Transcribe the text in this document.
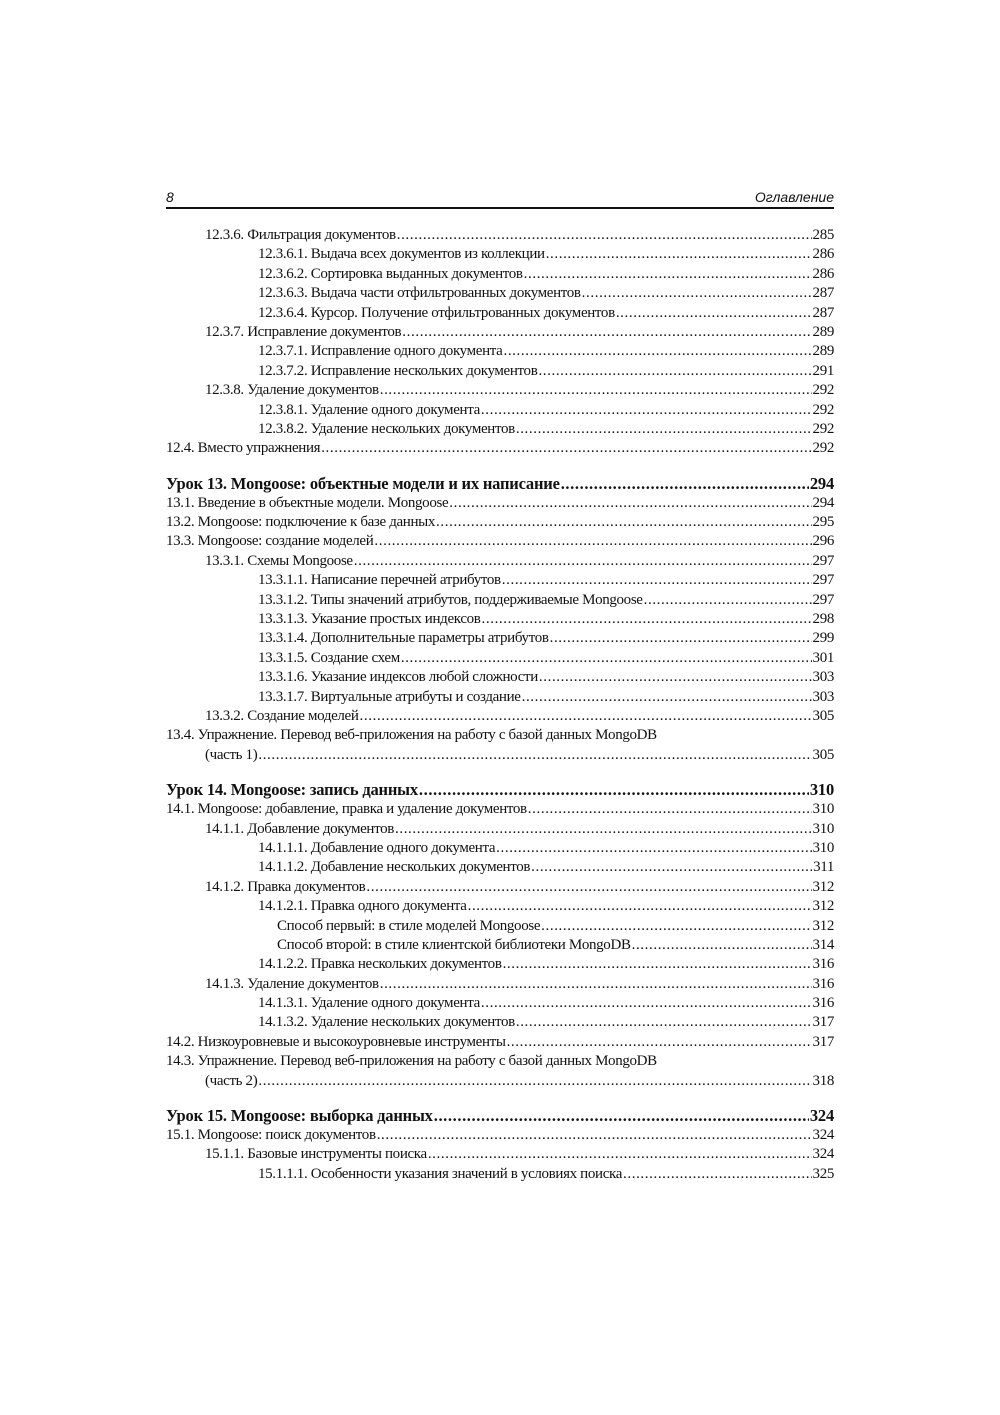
8	Оглавление
12.3.6. Фильтрация документов .....	285
12.3.6.1. Выдача всех документов из коллекции .....	286
12.3.6.2. Сортировка выданных документов .....	286
12.3.6.3. Выдача части отфильтрованных документов .....	287
12.3.6.4. Курсор. Получение отфильтрованных документов .....	287
12.3.7. Исправление документов .....	289
12.3.7.1. Исправление одного документа .....	289
12.3.7.2. Исправление нескольких документов .....	291
12.3.8. Удаление документов .....	292
12.3.8.1. Удаление одного документа .....	292
12.3.8.2. Удаление нескольких документов .....	292
12.4. Вместо упражнения .....	292
Урок 13. Mongoose: объектные модели и их написание .....	294
13.1. Введение в объектные модели. Mongoose .....	294
13.2. Mongoose: подключение к базе данных .....	295
13.3. Mongoose: создание моделей .....	296
13.3.1. Схемы Mongoose .....	297
13.3.1.1. Написание перечней атрибутов .....	297
13.3.1.2. Типы значений атрибутов, поддерживаемые Mongoose .....	297
13.3.1.3. Указание простых индексов .....	298
13.3.1.4. Дополнительные параметры атрибутов .....	299
13.3.1.5. Создание схем .....	301
13.3.1.6. Указание индексов любой сложности .....	303
13.3.1.7. Виртуальные атрибуты и создание .....	303
13.3.2. Создание моделей .....	305
13.4. Упражнение. Перевод веб-приложения на работу с базой данных MongoDB
(часть 1) .....	305
Урок 14. Mongoose: запись данных .....	310
14.1. Mongoose: добавление, правка и удаление документов .....	310
14.1.1. Добавление документов .....	310
14.1.1.1. Добавление одного документа .....	310
14.1.1.2. Добавление нескольких документов .....	311
14.1.2. Правка документов .....	312
14.1.2.1. Правка одного документа .....	312
Способ первый: в стиле моделей Mongoose .....	312
Способ второй: в стиле клиентской библиотеки MongoDB .....	314
14.1.2.2. Правка нескольких документов .....	316
14.1.3. Удаление документов .....	316
14.1.3.1. Удаление одного документа .....	316
14.1.3.2. Удаление нескольких документов .....	317
14.2. Низкоуровневые и высокоуровневые инструменты .....	317
14.3. Упражнение. Перевод веб-приложения на работу с базой данных MongoDB
(часть 2) .....	318
Урок 15. Mongoose: выборка данных .....	324
15.1. Mongoose: поиск документов .....	324
15.1.1. Базовые инструменты поиска .....	324
15.1.1.1. Особенности указания значений в условиях поиска .....	325
